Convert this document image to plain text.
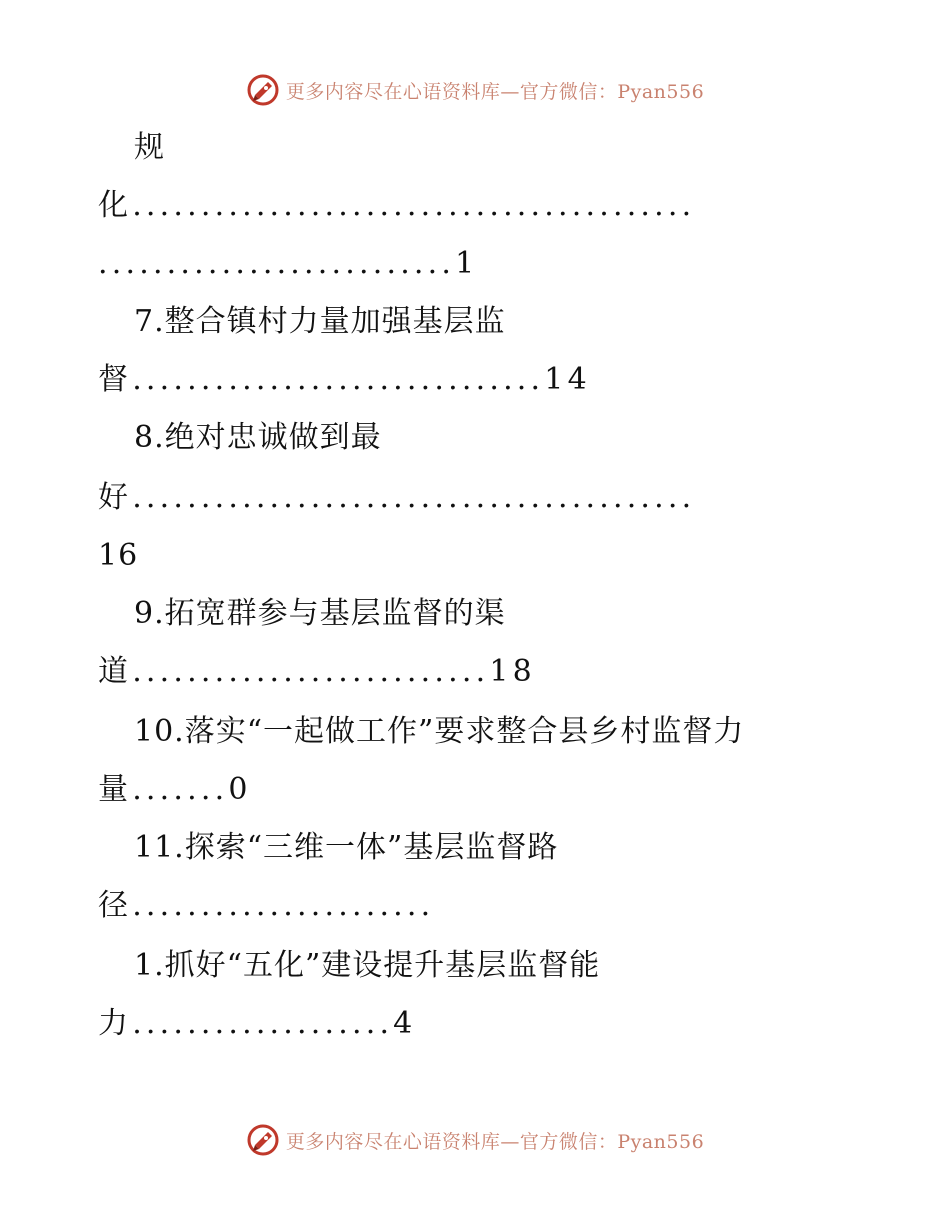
更多内容尽在心语资料库—官方微信：Pyan556
规
化.........................................
..........................1
7.整合镇村力量加强基层监
督..............................14
8.绝对忠诚做到最
好.........................................
16
9.拓宽群参与基层监督的渠
道..........................18
10.落实“一起做工作”要求整合县乡村监督力
量.......0
11.探索“三维一体”基层监督路
径......................
1.抓好“五化”建设提升基层监督能
力...................4
更多内容尽在心语资料库—官方微信：Pyan556
